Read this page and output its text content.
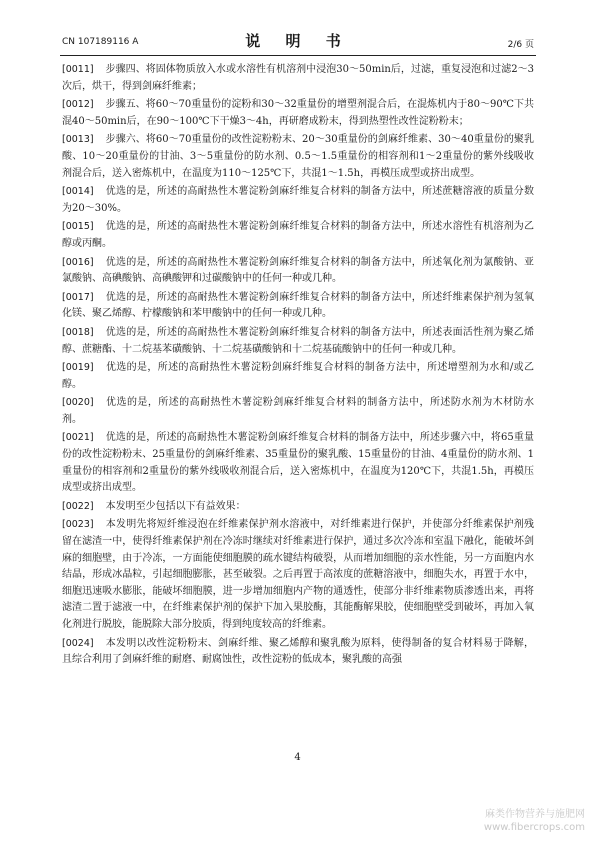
CN 107189116 A	说 明 书	2/6 页

[0011] 步骤四、将固体物质放入水或水溶性有机溶剂中浸泡30～50min后，过滤，重复浸泡和过滤2～3次后，烘干，得到剑麻纤维素；

[0012] 步骤五、将60～70重量份的淀粉和30～32重量份的增塑剂混合后，在混炼机内于80～90℃下共混40～50min后，在90～100℃下干燥3～4h，再研磨成粉末，得到热塑性改性淀粉粉末；

[0013] 步骤六、将60～70重量份的改性淀粉粉末、20～30重量份的剑麻纤维素、30～40重量份的聚乳酸、10～20重量份的甘油、3～5重量份的防水剂、0.5～1.5重量份的相容剂和1～2重量份的紫外线吸收剂混合后，送入密炼机中，在温度为110～125℃下，共混1～1.5h，再模压成型或挤出成型。

[0014] 优选的是，所述的高耐热性木薯淀粉剑麻纤维复合材料的制备方法中，所述蔗糖溶液的质量分数为20～30%。

[0015] 优选的是，所述的高耐热性木薯淀粉剑麻纤维复合材料的制备方法中，所述水溶性有机溶剂为乙醇或丙酮。

[0016] 优选的是，所述的高耐热性木薯淀粉剑麻纤维复合材料的制备方法中，所述氧化剂为氯酸钠、亚氯酸钠、高碘酸钠、高碘酸钾和过碳酸钠中的任何一种或几种。

[0017] 优选的是，所述的高耐热性木薯淀粉剑麻纤维复合材料的制备方法中，所述纤维素保护剂为氢氧化镁、聚乙烯醇、柠檬酸钠和苯甲酸钠中的任何一种或几种。

[0018] 优选的是，所述的高耐热性木薯淀粉剑麻纤维复合材料的制备方法中，所述表面活性剂为聚乙烯醇、蔗糖酯、十二烷基苯磺酸钠、十二烷基磺酸钠和十二烷基硫酸钠中的任何一种或几种。

[0019] 优选的是，所述的高耐热性木薯淀粉剑麻纤维复合材料的制备方法中，所述增塑剂为水和/或乙醇。

[0020] 优选的是，所述的高耐热性木薯淀粉剑麻纤维复合材料的制备方法中，所述防水剂为木材防水剂。

[0021] 优选的是，所述的高耐热性木薯淀粉剑麻纤维复合材料的制备方法中，所述步骤六中，将65重量份的改性淀粉粉末、25重量份的剑麻纤维素、35重量份的聚乳酸、15重量份的甘油、4重量份的防水剂、1重量份的相容剂和2重量份的紫外线吸收剂混合后，送入密炼机中，在温度为120℃下，共混1.5h，再模压成型或挤出成型。

[0022] 本发明至少包括以下有益效果：

[0023] 本发明先将短纤维浸泡在纤维素保护剂水溶液中，对纤维素进行保护，并使部分纤维素保护剂残留在滤渣一中，使得纤维素保护剂在冷冻时继续对纤维素进行保护，通过多次冷冻和室温下融化，能破坏剑麻的细胞壁，由于冷冻，一方面能使细胞膜的疏水键结构破裂，从而增加细胞的亲水性能，另一方面胞内水结晶，形成冰晶粒，引起细胞膨胀，甚至破裂。之后再置于高浓度的蔗糖溶液中，细胞失水，再置于水中，细胞迅速吸水膨胀，能破坏细胞膜，进一步增加细胞内产物的通透性，使部分非纤维素物质渗透出来，再将滤渣二置于滤液一中，在纤维素保护剂的保护下加入果胶酶，其能酶解果胶，使细胞壁受到破坏，再加入氧化剂进行脱胶，能脱除大部分胶质，得到纯度较高的纤维素。

[0024] 本发明以改性淀粉粉末、剑麻纤维、聚乙烯醇和聚乳酸为原料，使得制备的复合材料易于降解，且综合利用了剑麻纤维的耐磨、耐腐蚀性，改性淀粉的低成本，聚乳酸的高强

4
麻类作物营养与施肥网
www.fibercrops.com
